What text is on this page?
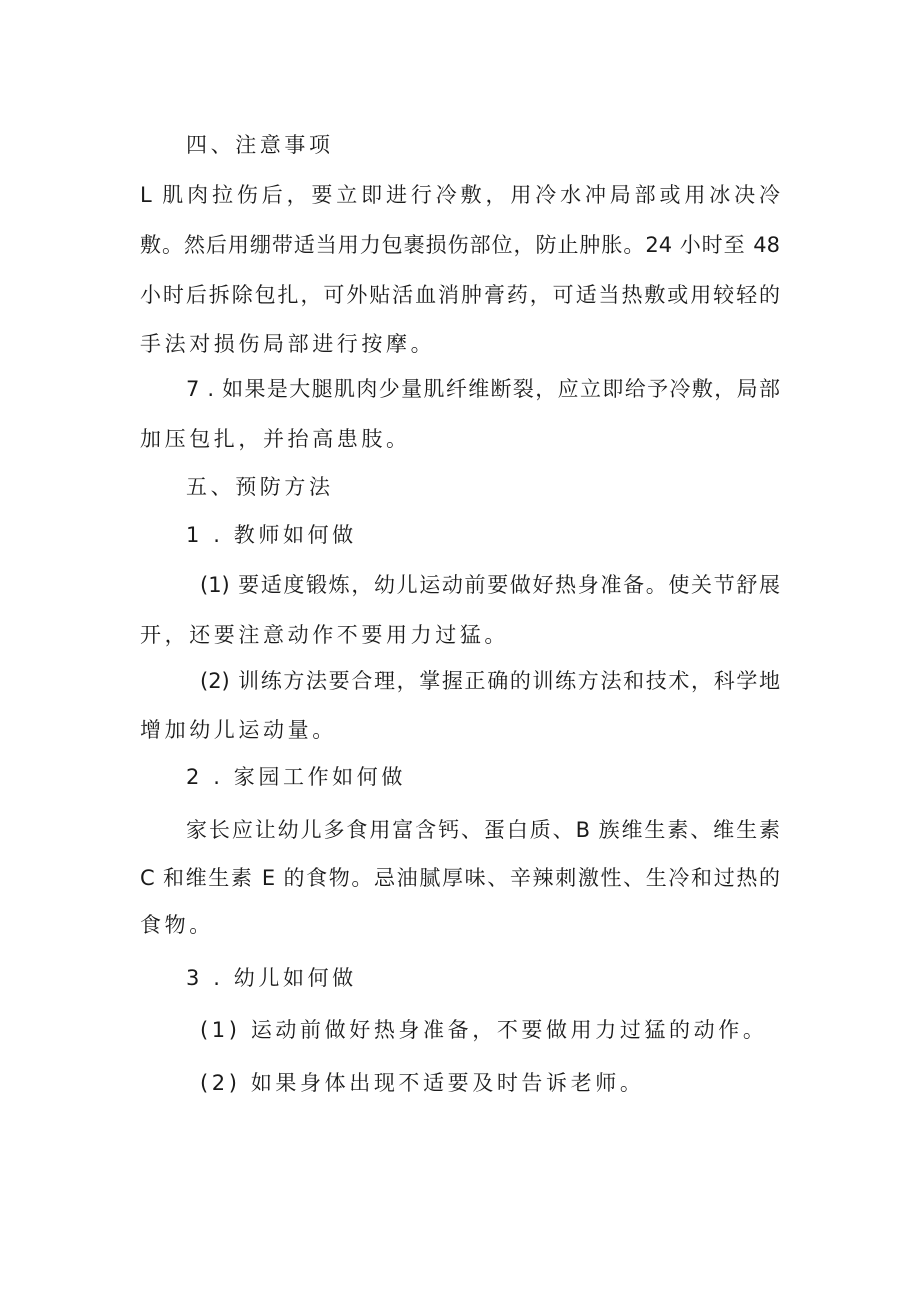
四、注意事项
L 肌肉拉伤后，要立即进行冷敷，用冷水冲局部或用冰决冷
敷。然后用绷带适当用力包裹损伤部位，防止肿胀。24 小时至 48
小时后拆除包扎，可外贴活血消肿膏药，可适当热敷或用较轻的
手法对损伤局部进行按摩。
7 . 如果是大腿肌肉少量肌纤维断裂，应立即给予冷敷，局部
加压包扎，并抬高患肢。
五、预防方法
1 . 教师如何做
(1) 要适度锻炼，幼儿运动前要做好热身准备。使关节舒展
开，还要注意动作不要用力过猛。
(2) 训练方法要合理，掌握正确的训练方法和技术，科学地
增加幼儿运动量。
2 . 家园工作如何做
家长应让幼儿多食用富含钙、蛋白质、B 族维生素、维生素
C 和维生素 E 的食物。忌油腻厚味、辛辣刺激性、生冷和过热的
食物。
3 . 幼儿如何做
(1) 运动前做好热身准备，不要做用力过猛的动作。
(2) 如果身体出现不适要及时告诉老师。
